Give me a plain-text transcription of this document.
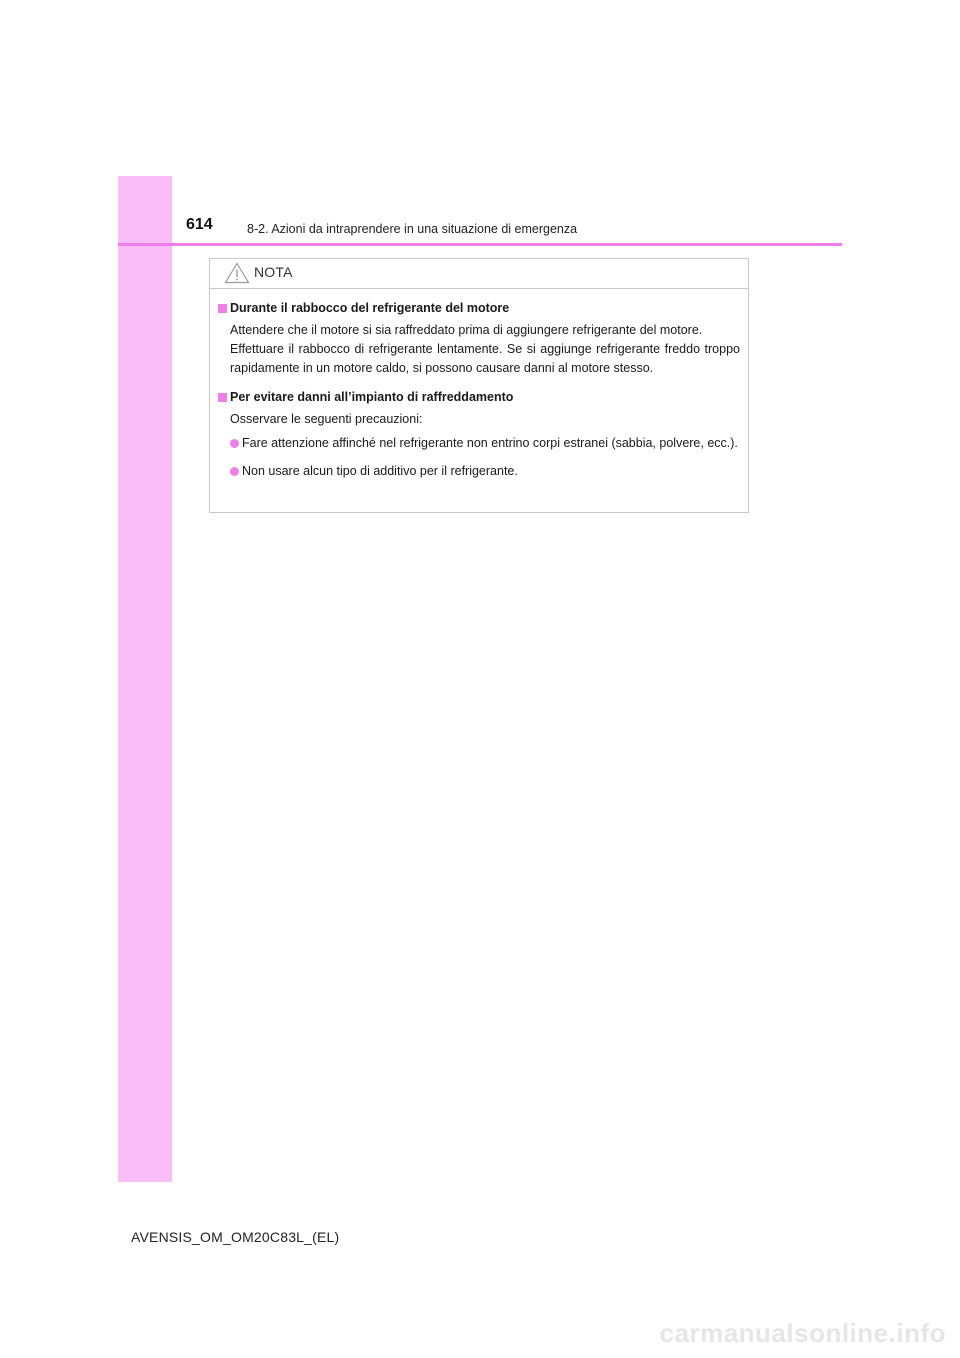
614	8-2. Azioni da intraprendere in una situazione di emergenza
NOTA
Durante il rabbocco del refrigerante del motore
Attendere che il motore si sia raffreddato prima di aggiungere refrigerante del motore.
Effettuare il rabbocco di refrigerante lentamente. Se si aggiunge refrigerante freddo troppo rapidamente in un motore caldo, si possono causare danni al motore stesso.
Per evitare danni all’impianto di raffreddamento
Osservare le seguenti precauzioni:
Fare attenzione affinché nel refrigerante non entrino corpi estranei (sabbia, polvere, ecc.).
Non usare alcun tipo di additivo per il refrigerante.
AVENSIS_OM_OM20C83L_(EL)
carmanualsonline.info
